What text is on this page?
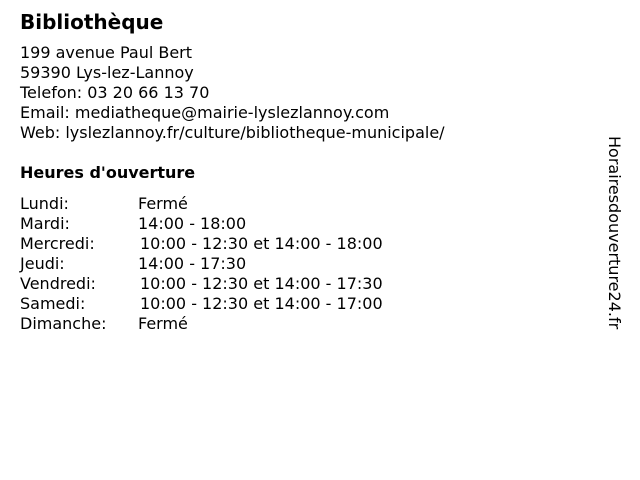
Bibliothèque
199 avenue Paul Bert
59390 Lys-lez-Lannoy
Telefon: 03 20 66 13 70
Email: mediatheque@mairie-lyslezlannoy.com
Web: lyslezlannoy.fr/culture/bibliotheque-municipale/
Heures d'ouverture
Lundi:	Fermé
Mardi:	14:00 - 18:00
Mercredi:	10:00 - 12:30 et 14:00 - 18:00
Jeudi:	14:00 - 17:30
Vendredi:	10:00 - 12:30 et 14:00 - 17:30
Samedi:	10:00 - 12:30 et 14:00 - 17:00
Dimanche: Fermé	Horairesdouverture24.fr
